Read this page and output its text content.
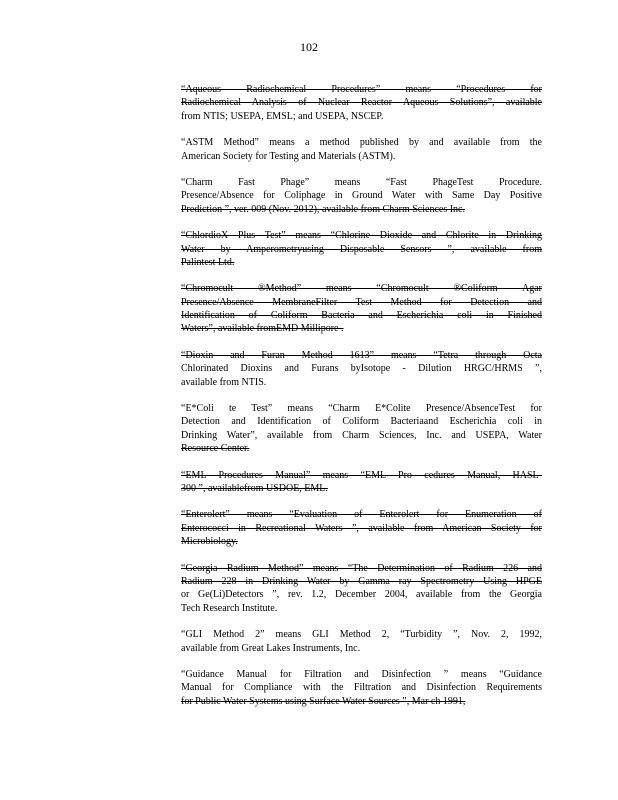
102
“Aqueous Radiochemical Procedures” means “Procedures for
Radiochemical Analysis of Nuclear Reactor Aqueous Solutions”, available
from NTIS; USEPA, EMSL; and USEPA, NSCEP.
“ASTM Method” means a method published by and available from the
American Society for Testing and Materials (ASTM).
“Charm Fast Phage” means “Fast PhageTest Procedure.
Presence/Absence for Coliphage in Ground Water with Same Day Positive
Prediction ”, ver. 009 (Nov. 2012), available from Charm Sciences Inc.
“ChlordioX Plus Test” means “Chlorine Dioxide and Chlorite in Drinking
Water by Amperometryusing Disposable Sensors ”, available from
Palintest Ltd.
“Chromocult ®Method” means “Chromocult ®Coliform Agar
Presence/Absence MembraneFilter Test Method for Detection and
Identification of Coliform Bacteria and Escherichia coli in Finished
Waters”, available fromEMD Millipore .
“Dioxin and Furan Method 1613” means “Tetra through Octa
Chlorinated Dioxins and Furans byIsotope - Dilution HRGC/HRMS ”,
available from NTIS.
“E*Coli te Test” means “Charm E*Colite Presence/AbsenceTest for
Detection and Identification of Coliform Bacteriaand Escherichia coli in
Drinking Water”, available from Charm Sciences, Inc. and USEPA, Water
Resource Center.
“EML Procedures Manual” means “EML Pro cedures Manual, HASL-
300 ”, availablefrom USDOE, EML.
“Enterolert” means “Evaluation of Enterolert for Enumeration of
Enterococci in Recreational Waters ”, available from American Society for
Microbiology.
“Georgia Radium Method” means “The Determination of Radium 226 and
Radium 228 in Drinking Water by Gamma ray Spectrometry Using HPGE
or Ge(Li)Detectors ”, rev. 1.2, December 2004, available from the Georgia
Tech Research Institute.
“GLI Method 2” means GLI Method 2, “Turbidity ”, Nov. 2, 1992,
available from Great Lakes Instruments, Inc.
“Guidance Manual for Filtration and Disinfection ” means “Guidance
Manual for Compliance with the Filtration and Disinfection Requirements
for Public Water Systems using Surface Water Sources ”, Mar ch 1991,
